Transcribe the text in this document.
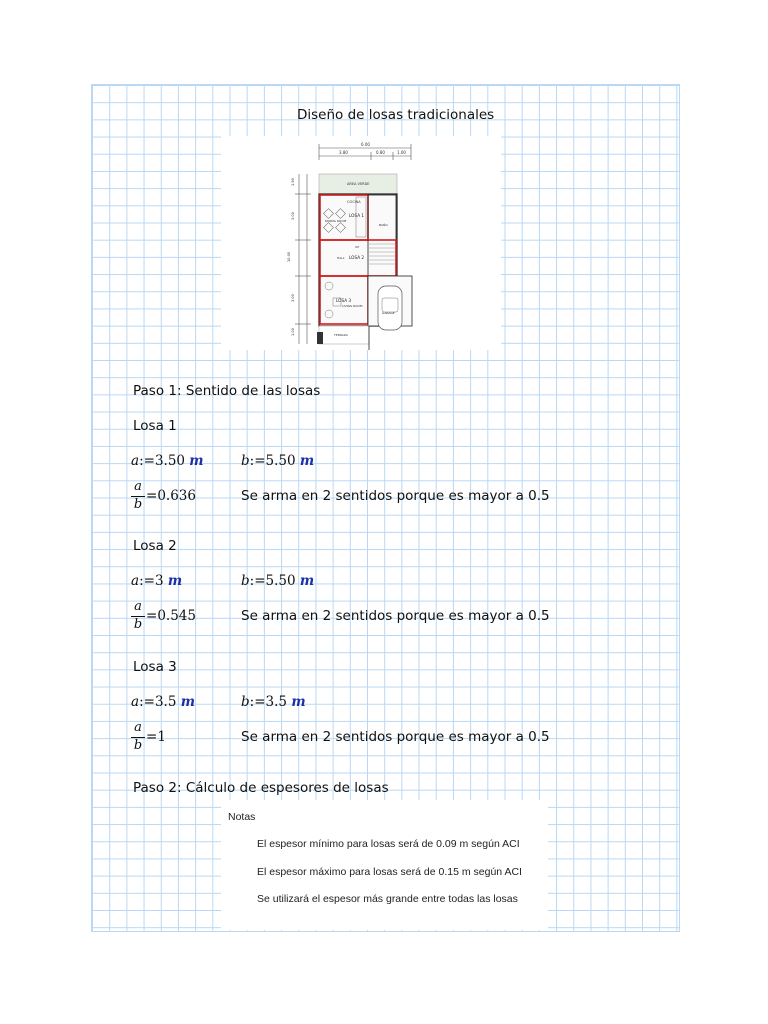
Diseño de losas tradicionales
6.00
3.80	0.80	1.00
1.90
3.00
10.00
3.00
1.00
AREA VERDE
COCINA
LOSA 1
DINING ROOM
BAÑO
UP
HALL LOSA 2
LOSA 3
LIVING ROOM
GARAGE
TERRAZA
Paso 1: Sentido de las losas
Losa 1
a:=3.50 m	b:=5.50 m
a
b
=0.636	Se arma en 2 sentidos porque es mayor a 0.5
Losa 2
a:=3 m	b:=5.50 m
a
b
=0.545	Se arma en 2 sentidos porque es mayor a 0.5
Losa 3
a:=3.5 m	b:=3.5 m
a
b
=1	Se arma en 2 sentidos porque es mayor a 0.5
Paso 2: Cálculo de espesores de losas
Notas
El espesor mínimo para losas será de 0.09 m según ACI
El espesor máximo para losas será de 0.15 m según ACI
Se utilizará el espesor más grande entre todas las losas
